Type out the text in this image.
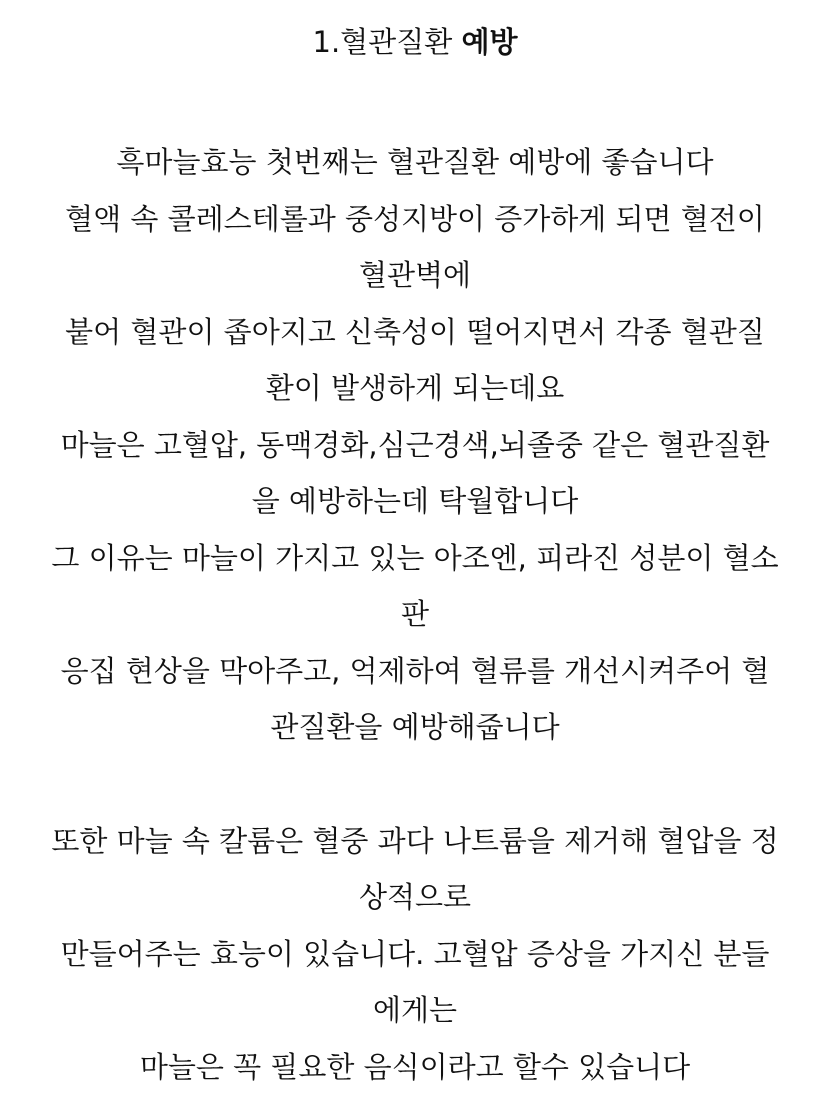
1.혈관질환 예방
흑마늘효능 첫번째는 혈관질환 예방에 좋습니다
혈액 속 콜레스테롤과 중성지방이 증가하게 되면 혈전이
혈관벽에
붙어 혈관이 좁아지고 신축성이 떨어지면서 각종 혈관질
환이 발생하게 되는데요
마늘은 고혈압, 동맥경화,심근경색,뇌졸중 같은 혈관질환
을 예방하는데 탁월합니다
그 이유는 마늘이 가지고 있는 아조엔, 피라진 성분이 혈소
판
응집 현상을 막아주고, 억제하여 혈류를 개선시켜주어 혈
관질환을 예방해줍니다
또한 마늘 속 칼륨은 혈중 과다 나트륨을 제거해 혈압을 정
상적으로
만들어주는 효능이 있습니다. 고혈압 증상을 가지신 분들
에게는
마늘은 꼭 필요한 음식이라고 할수 있습니다
